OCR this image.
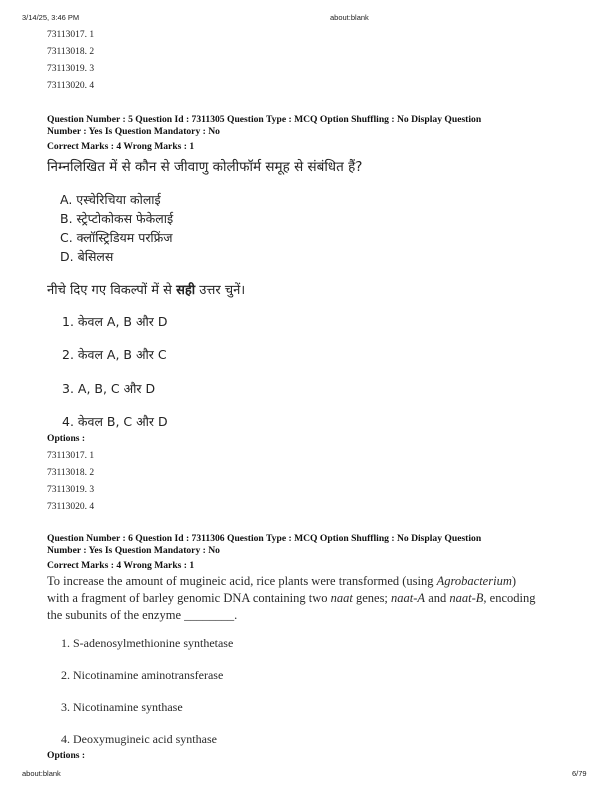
3/14/25, 3:46 PM	about:blank
73113017. 1
73113018. 2
73113019. 3
73113020. 4
Question Number : 5 Question Id : 7311305 Question Type : MCQ Option Shuffling : No Display Question
Number : Yes Is Question Mandatory : No
Correct Marks : 4 Wrong Marks : 1
निम्नलिखित में से कौन से जीवाणु कोलीफॉर्म समूह से संबंधित हैं?
A. एस्चेरिचिया कोलाई
B. स्ट्रेप्टोकोकस फेकेलाई
C. क्लॉस्ट्रिडियम परफ्रिंज
D. बेसिलस
नीचे दिए गए विकल्पों में से सही उत्तर चुनें।
1. केवल A, B और D
2. केवल A, B और C
3. A, B, C और D
4. केवल B, C और D
Options :
73113017. 1
73113018. 2
73113019. 3
73113020. 4
Question Number : 6 Question Id : 7311306 Question Type : MCQ Option Shuffling : No Display Question
Number : Yes Is Question Mandatory : No
Correct Marks : 4 Wrong Marks : 1
To increase the amount of mugineic acid, rice plants were transformed (using Agrobacterium)
with a fragment of barley genomic DNA containing two naat genes; naat-A and naat-B, encoding
the subunits of the enzyme ________.
1. S-adenosylmethionine synthetase
2. Nicotinamine aminotransferase
3. Nicotinamine synthase
4. Deoxymugineic acid synthase
Options :
about:blank	6/79
